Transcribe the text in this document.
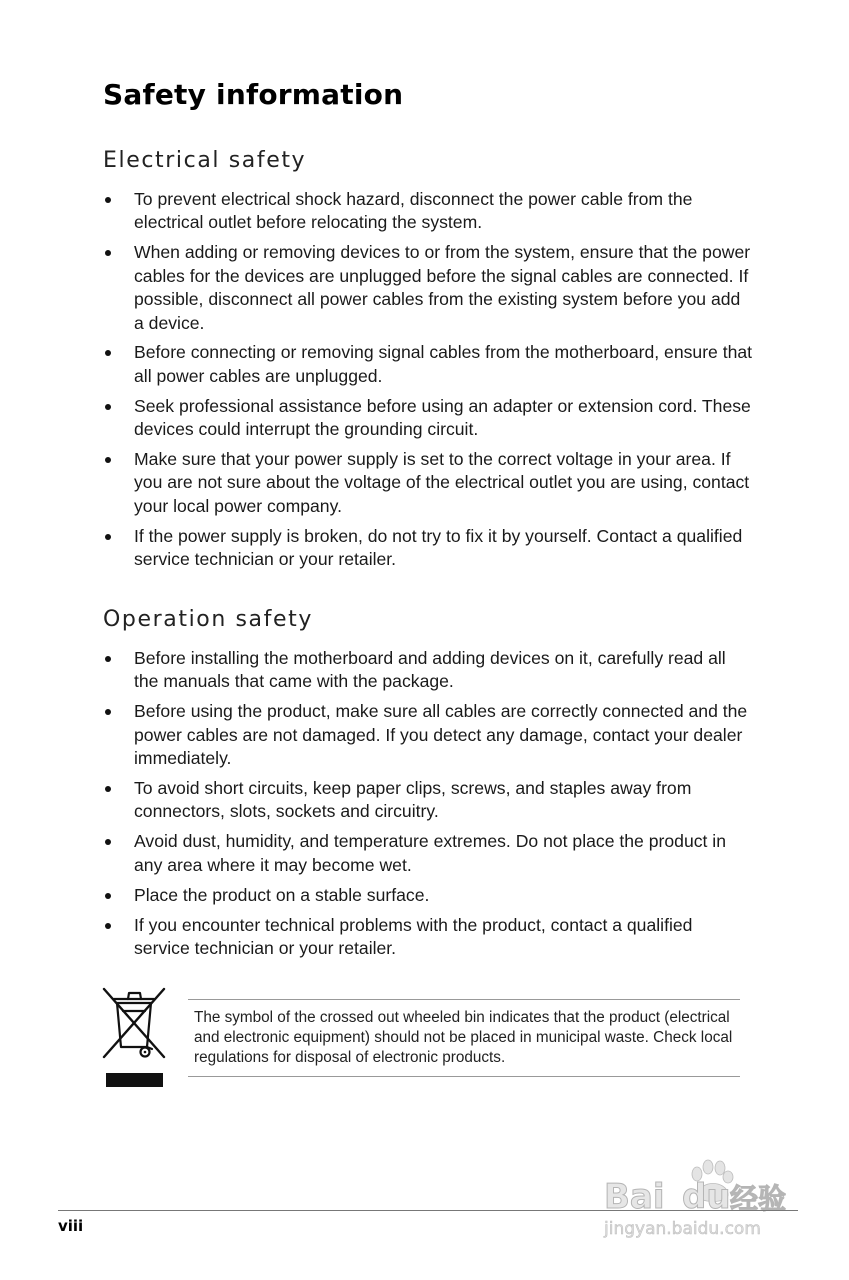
Safety information
Electrical safety
To prevent electrical shock hazard, disconnect the power cable from the electrical outlet before relocating the system.
When adding or removing devices to or from the system, ensure that the power cables for the devices are unplugged before the signal cables are connected. If possible, disconnect all power cables from the existing system before you add a device.
Before connecting or removing signal cables from the motherboard, ensure that all power cables are unplugged.
Seek professional assistance before using an adapter or extension cord. These devices could interrupt the grounding circuit.
Make sure that your power supply is set to the correct voltage in your area. If you are not sure about the voltage of the electrical outlet you are using, contact your local power company.
If the power supply is broken, do not try to fix it by yourself. Contact a qualified service technician or your retailer.
Operation safety
Before installing the motherboard and adding devices on it, carefully read all the manuals that came with the package.
Before using the product, make sure all cables are correctly connected and the power cables are not damaged. If you detect any damage, contact your dealer immediately.
To avoid short circuits, keep paper clips, screws, and staples away from connectors, slots, sockets and circuitry.
Avoid dust, humidity, and temperature extremes. Do not place the product in any area where it may become wet.
Place the product on a stable surface.
If you encounter technical problems with the product, contact a qualified service technician or your retailer.
The symbol of the crossed out wheeled bin indicates that the product (electrical and electronic equipment) should not be placed in municipal waste. Check local regulations for disposal of electronic products.
Bai du 经验
jingyan.baidu.com
viii
